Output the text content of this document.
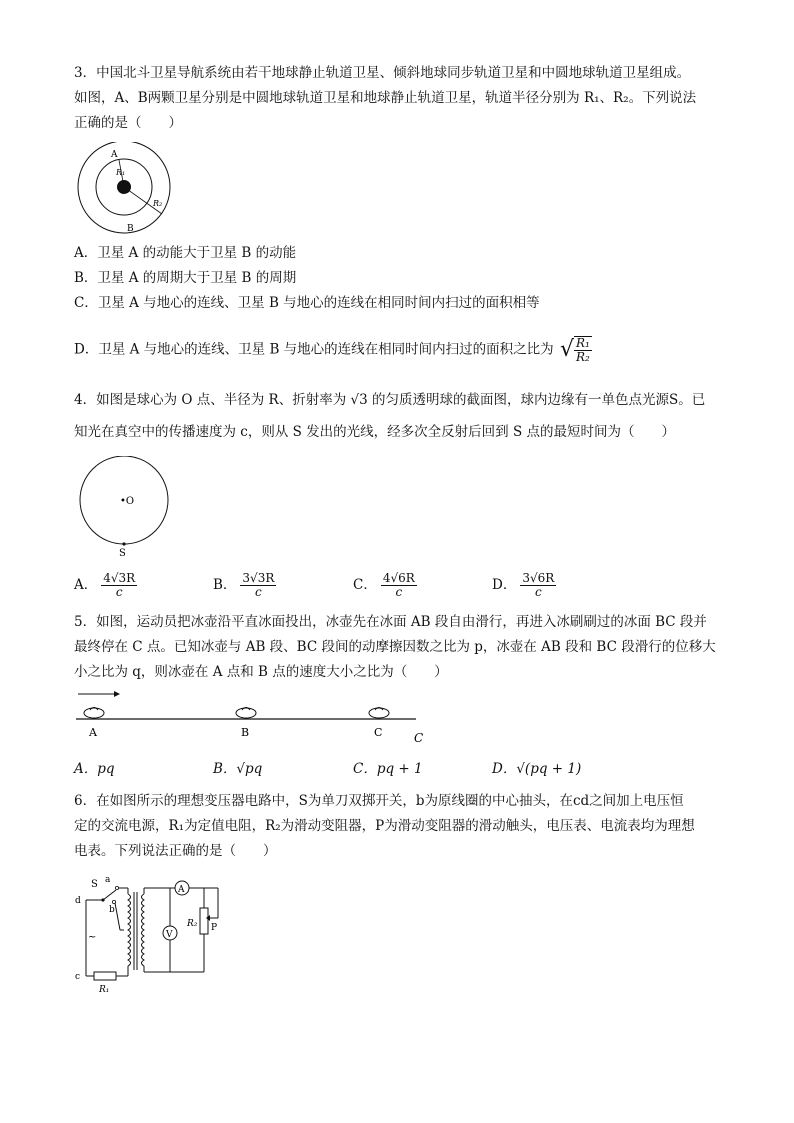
3．中国北斗卫星导航系统由若干地球静止轨道卫星、倾斜地球同步轨道卫星和中圆地球轨道卫星组成。
如图，A、B两颗卫星分别是中圆地球轨道卫星和地球静止轨道卫星，轨道半径分别为 R₁、R₂。下列说法
正确的是（　　）
A
R₁
R₂
B
A．卫星 A 的动能大于卫星 B 的动能
B．卫星 A 的周期大于卫星 B 的周期
C．卫星 A 与地心的连线、卫星 B 与地心的连线在相同时间内扫过的面积相等
D．卫星 A 与地心的连线、卫星 B 与地心的连线在相同时间内扫过的面积之比为 √ $\frac{\text{R₁}}{\text{R₂}}$
4．如图是球心为 O 点、半径为 R、折射率为 √3 的匀质透明球的截面图，球内边缘有一单色点光源S。已
知光在真空中的传播速度为 c，则从 S 发出的光线，经多次全反射后回到 S 点的最短时间为（　　）
•O
S
A． $\frac{4√3R}{c}$	B． $\frac{3√3R}{c}$	C． $\frac{4√6R}{c}$	D． $\frac{3√6R}{c}$
5．如图，运动员把冰壶沿平直冰面投出，冰壶先在冰面 AB 段自由滑行，再进入冰刷刷过的冰面 BC 段并
最终停在 C 点。已知冰壶与 AB 段、BC 段间的动摩擦因数之比为 p，冰壶在 AB 段和 BC 段滑行的位移大
小之比为 q，则冰壶在 A 点和 B 点的速度大小之比为（　　）
A	B	C	C
A．pq	B．√pq	C．pq + 1	D．√(pq + 1)
6．在如图所示的理想变压器电路中，S为单刀双掷开关，b为原线圈的中心抽头，在cd之间加上电压恒
定的交流电源，R₁为定值电阻，R₂为滑动变阻器，P为滑动变阻器的滑动触头，电压表、电流表均为理想
电表。下列说法正确的是（　　）
S a
b
d
c
~
R₁
R₂ P
A
V
